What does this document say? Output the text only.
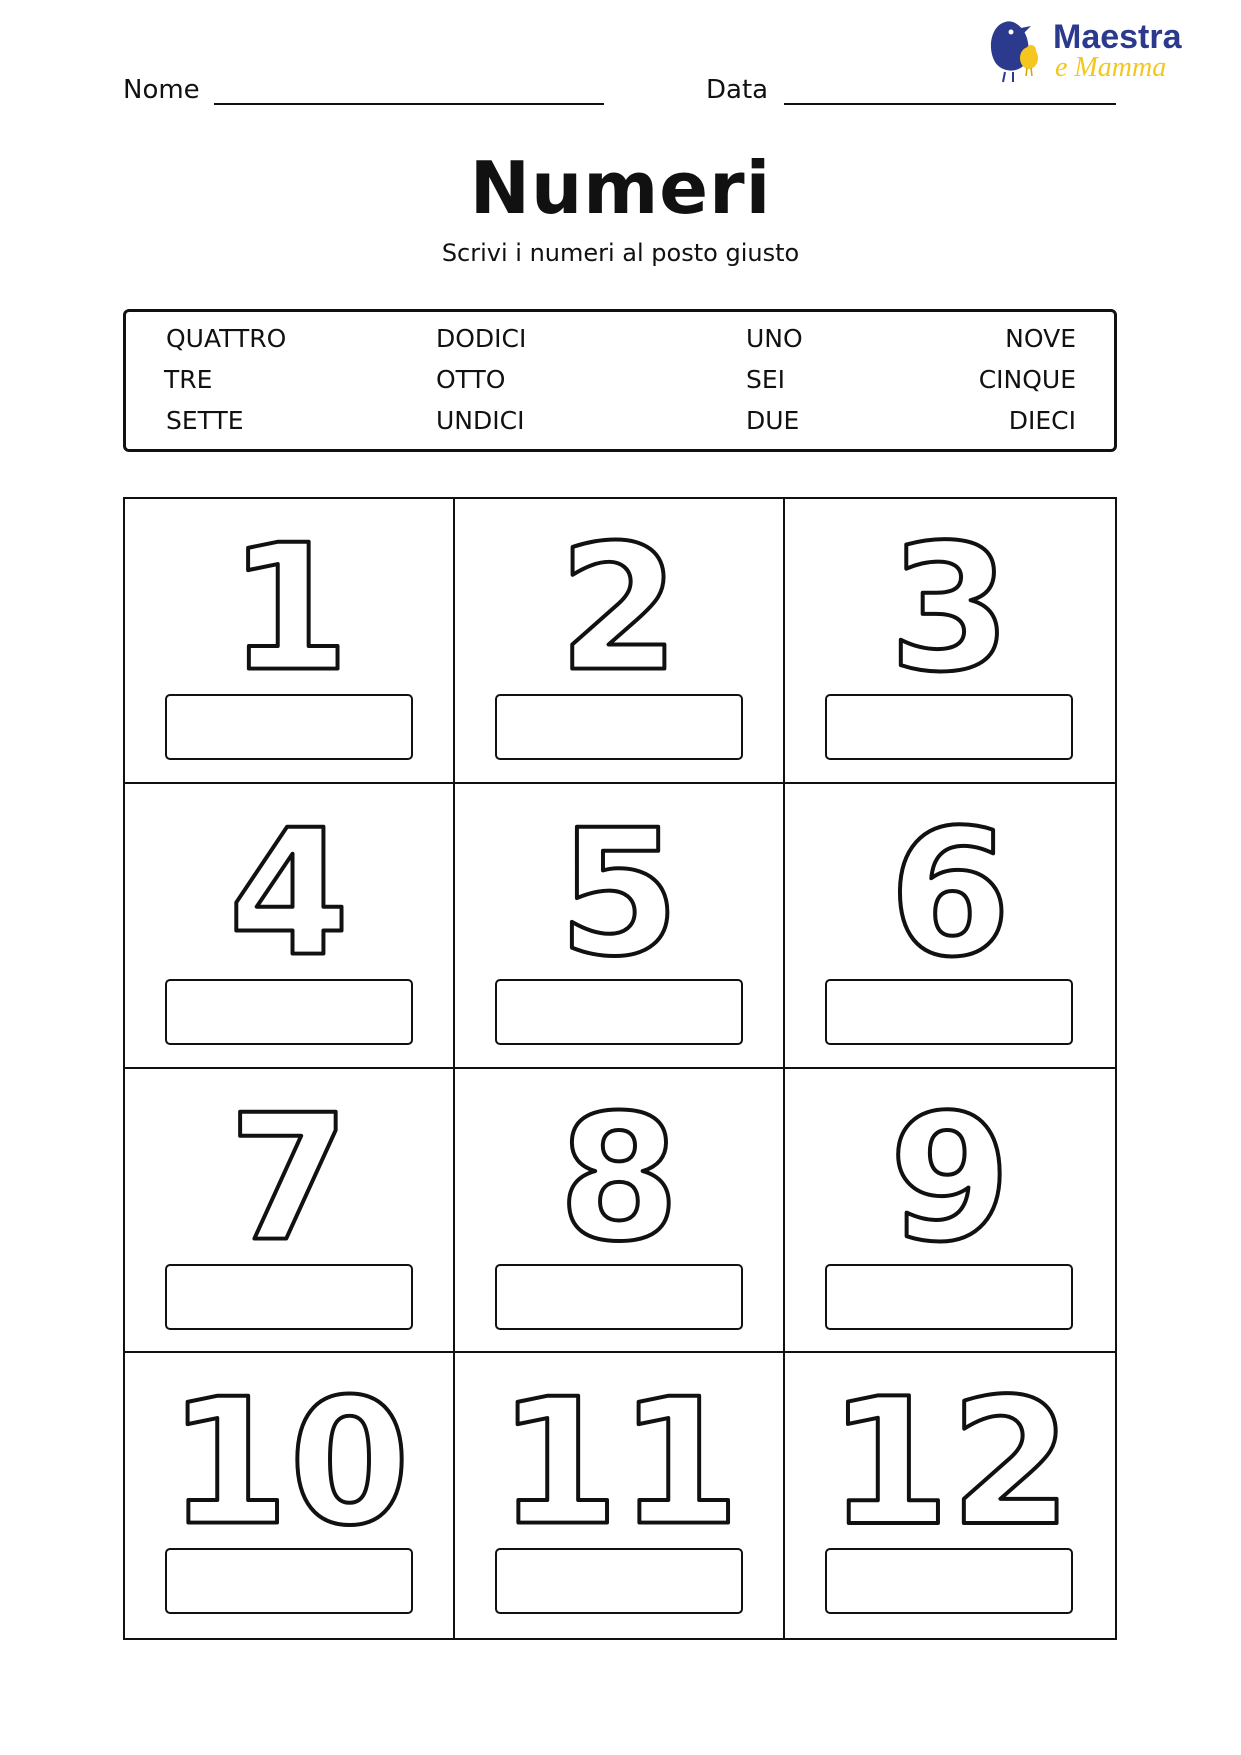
Maestra
e Mamma
Nome	Data
Numeri
Scrivi i numeri al posto giusto
QUATTRO	DODICI	UNO	NOVE
TRE	OTTO	SEI	CINQUE
SETTE	UNDICI	DUE	DIECI
1 2 3
4 5 6
7 8 9
10 11 12
